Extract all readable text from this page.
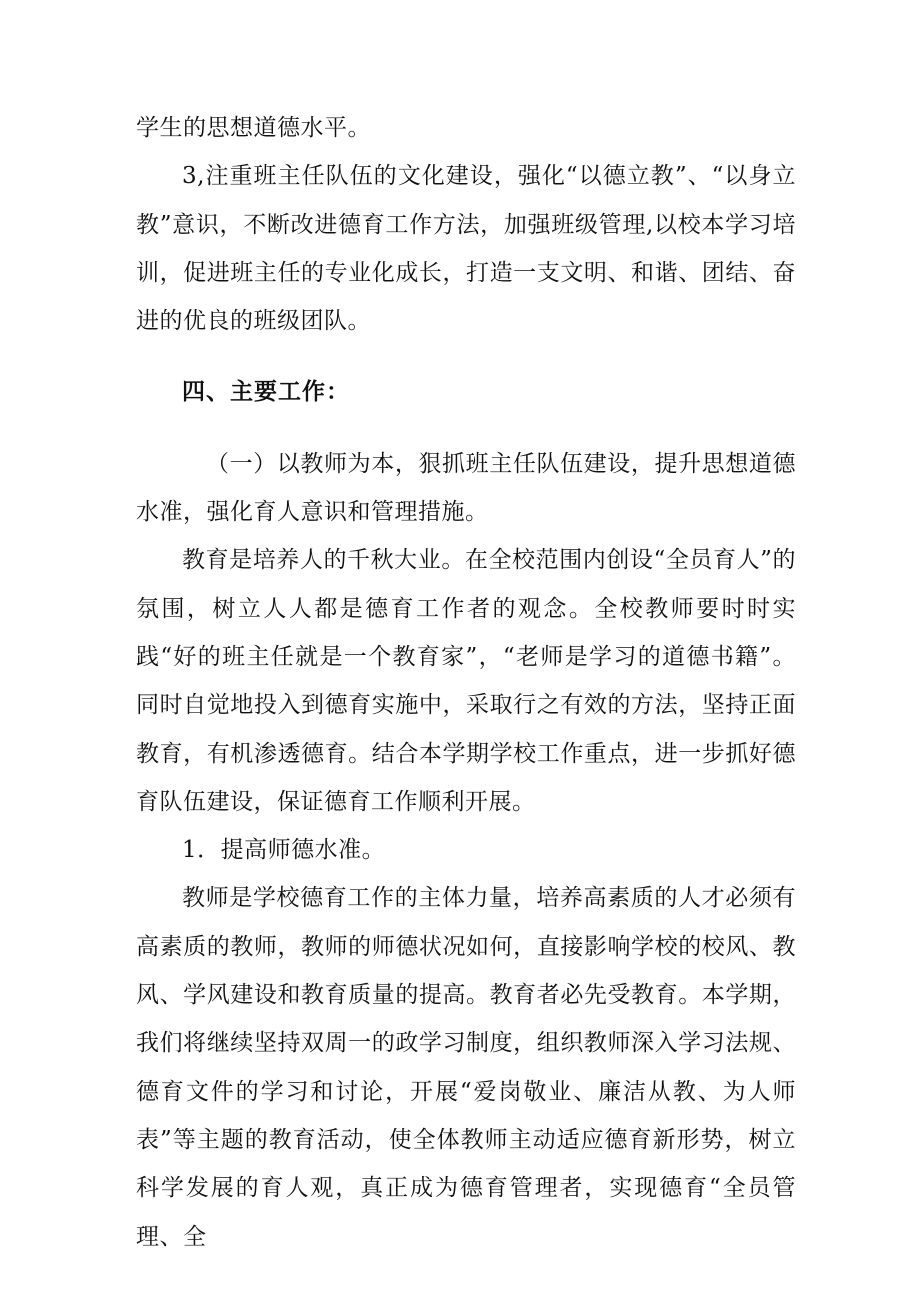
学生的思想道德水平。

3,注重班主任队伍的文化建设，强化“以德立教”、“以身立教”意识，不断改进德育工作方法，加强班级管理,以校本学习培训，促进班主任的专业化成长，打造一支文明、和谐、团结、奋进的优良的班级团队。

四、主要工作：

（一）以教师为本，狠抓班主任队伍建设，提升思想道德水准，强化育人意识和管理措施。

教育是培养人的千秋大业。在全校范围内创设“全员育人”的氛围，树立人人都是德育工作者的观念。全校教师要时时实践“好的班主任就是一个教育家”，“老师是学习的道德书籍”。同时自觉地投入到德育实施中，采取行之有效的方法，坚持正面教育，有机渗透德育。结合本学期学校工作重点，进一步抓好德育队伍建设，保证德育工作顺利开展。

1．提高师德水准。

教师是学校德育工作的主体力量，培养高素质的人才必须有高素质的教师，教师的师德状况如何，直接影响学校的校风、教风、学风建设和教育质量的提高。教育者必先受教育。本学期，我们将继续坚持双周一的政学习制度，组织教师深入学习法规、德育文件的学习和讨论，开展“爱岗敬业、廉洁从教、为人师表”等主题的教育活动，使全体教师主动适应德育新形势，树立科学发展的育人观，真正成为德育管理者，实现德育“全员管理、全
